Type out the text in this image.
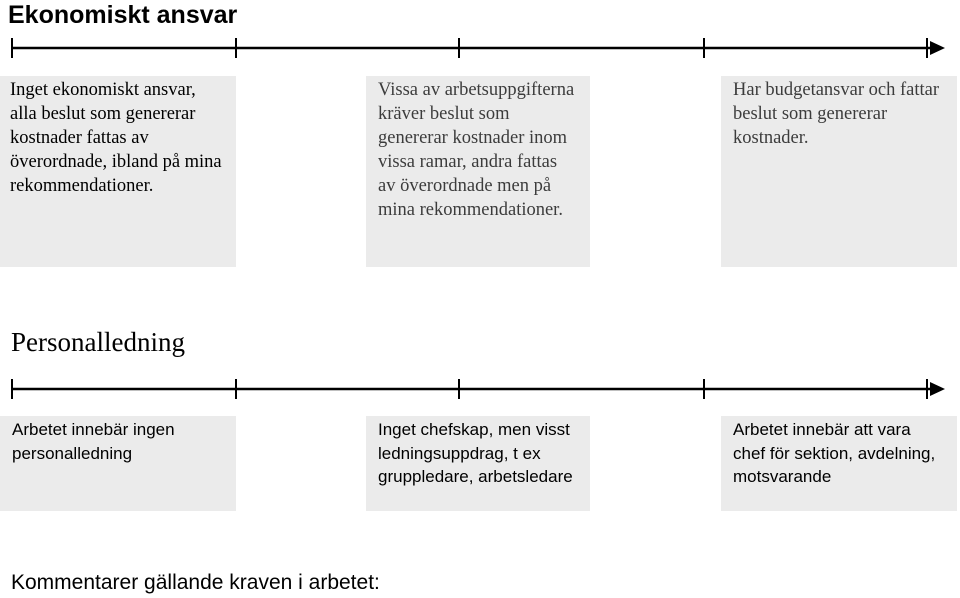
Ekonomiskt ansvar
Inget ekonomiskt ansvar, alla beslut som genererar kostnader fattas av överordnade, ibland på mina rekommendationer.
Vissa av arbetsuppgifterna kräver beslut som genererar kostnader inom vissa ramar, andra fattas av överordnade men på mina rekommendationer.
Har budgetansvar och fattar beslut som genererar kostnader.
Personalledning
Arbetet innebär ingen personalledning
Inget chefskap, men visst ledningsuppdrag, t ex gruppledare, arbetsledare
Arbetet innebär att vara chef för sektion, avdelning, motsvarande
Kommentarer gällande kraven i arbetet:
